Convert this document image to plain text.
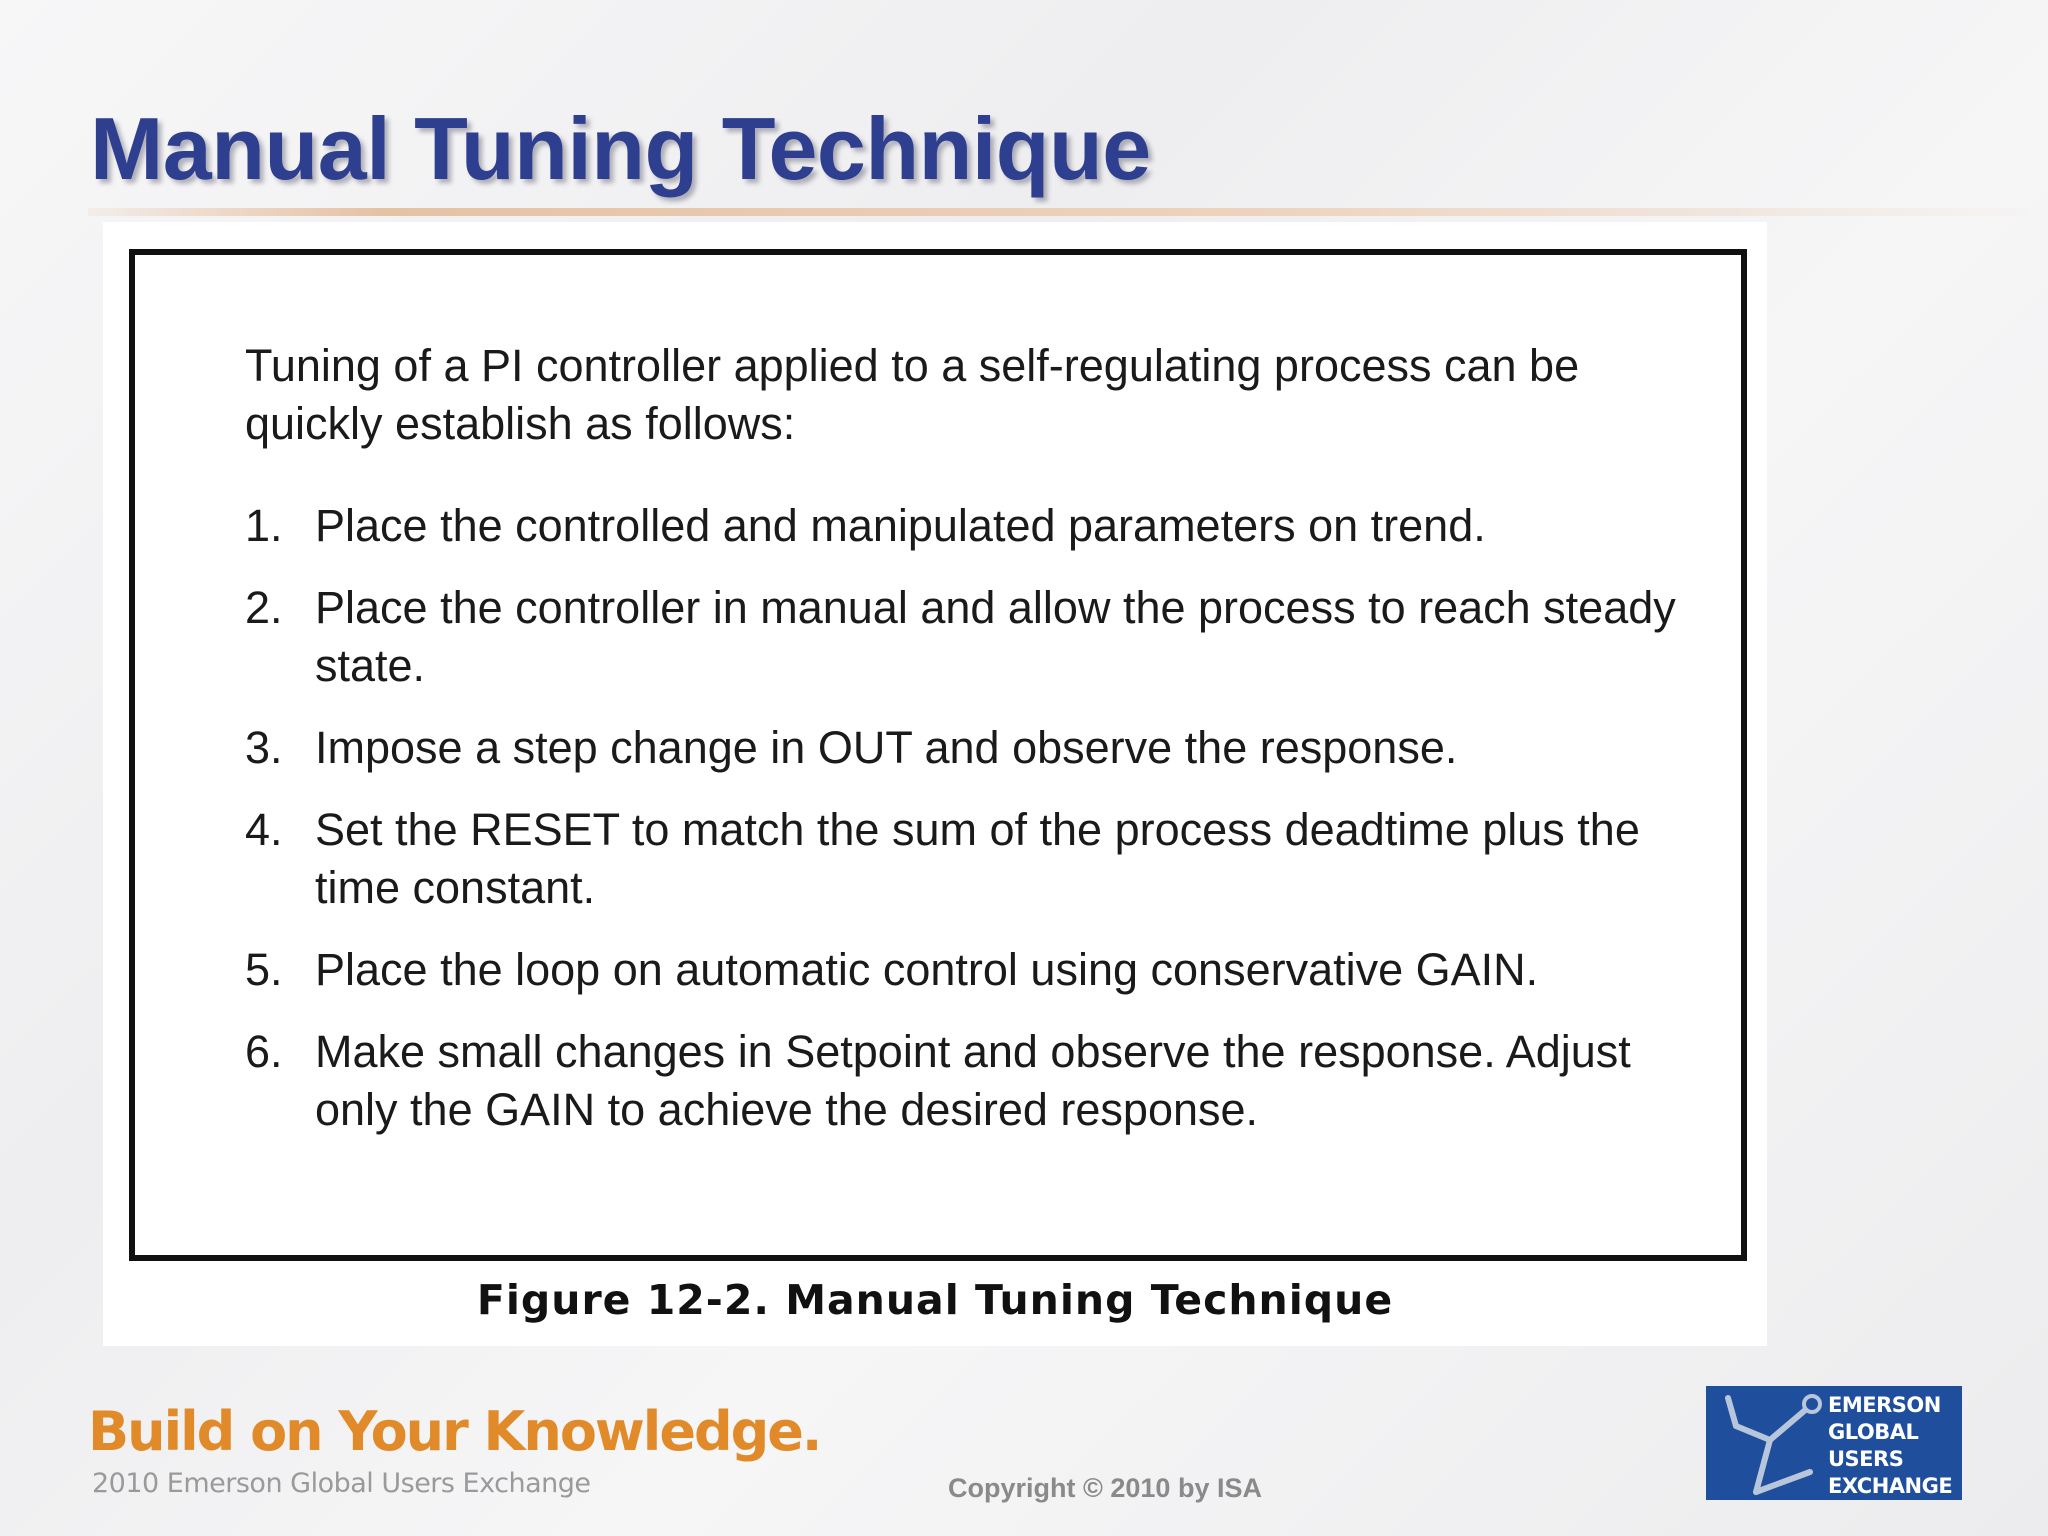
Manual Tuning Technique

Tuning of a PI controller applied to a self-regulating process can be quickly establish as follows:

1. Place the controlled and manipulated parameters on trend.
2. Place the controller in manual and allow the process to reach steady state.
3. Impose a step change in OUT and observe the response.
4. Set the RESET to match the sum of the process deadtime plus the time constant.
5. Place the loop on automatic control using conservative GAIN.
6. Make small changes in Setpoint and observe the response. Adjust only the GAIN to achieve the desired response.
Figure 12-2. Manual Tuning Technique
Build on Your Knowledge.
2010 Emerson Global Users Exchange	Copyright © 2010 by ISA
EMERSON
GLOBAL
USERS
EXCHANGE
